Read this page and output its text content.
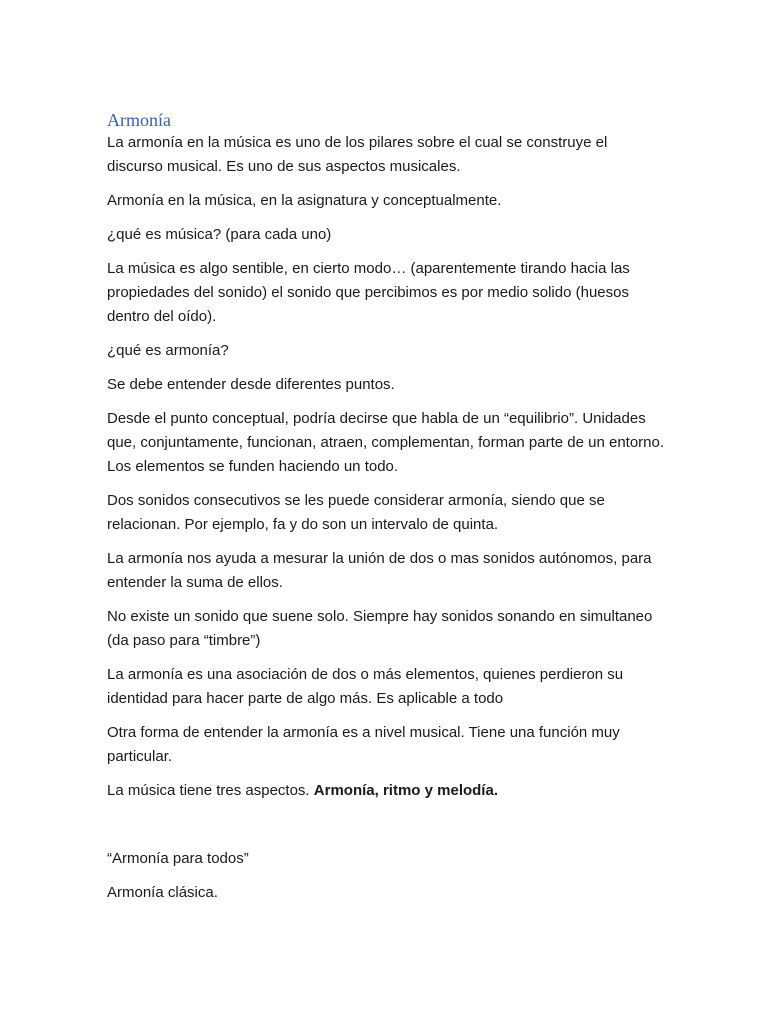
Armonía

La armonía en la música es uno de los pilares sobre el cual se construye el discurso musical. Es uno de sus aspectos musicales.

Armonía en la música, en la asignatura y conceptualmente.

¿qué es música? (para cada uno)

La música es algo sentible, en cierto modo… (aparentemente tirando hacia las propiedades del sonido) el sonido que percibimos es por medio solido (huesos dentro del oído).

¿qué es armonía?

Se debe entender desde diferentes puntos.

Desde el punto conceptual, podría decirse que habla de un “equilibrio”. Unidades que, conjuntamente, funcionan, atraen, complementan, forman parte de un entorno. Los elementos se funden haciendo un todo.

Dos sonidos consecutivos se les puede considerar armonía, siendo que se relacionan. Por ejemplo, fa y do son un intervalo de quinta.

La armonía nos ayuda a mesurar la unión de dos o mas sonidos autónomos, para entender la suma de ellos.

No existe un sonido que suene solo. Siempre hay sonidos sonando en simultaneo (da paso para “timbre”)

La armonía es una asociación de dos o más elementos, quienes perdieron su identidad para hacer parte de algo más. Es aplicable a todo

Otra forma de entender la armonía es a nivel musical. Tiene una función muy particular.

La música tiene tres aspectos. Armonía, ritmo y melodía.

“Armonía para todos”

Armonía clásica.
